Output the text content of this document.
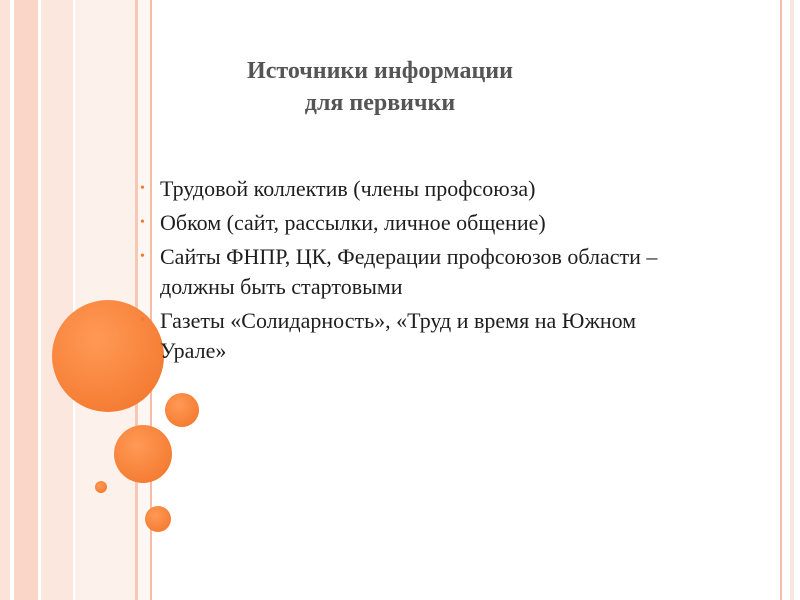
Источники информации
для первички
• Трудовой коллектив (члены профсоюза)
• Обком (сайт, рассылки, личное общение)
• Сайты ФНПР, ЦК, Федерации профсоюзов области – должны быть стартовыми
• Газеты «Солидарность», «Труд и время на Южном Урале»
